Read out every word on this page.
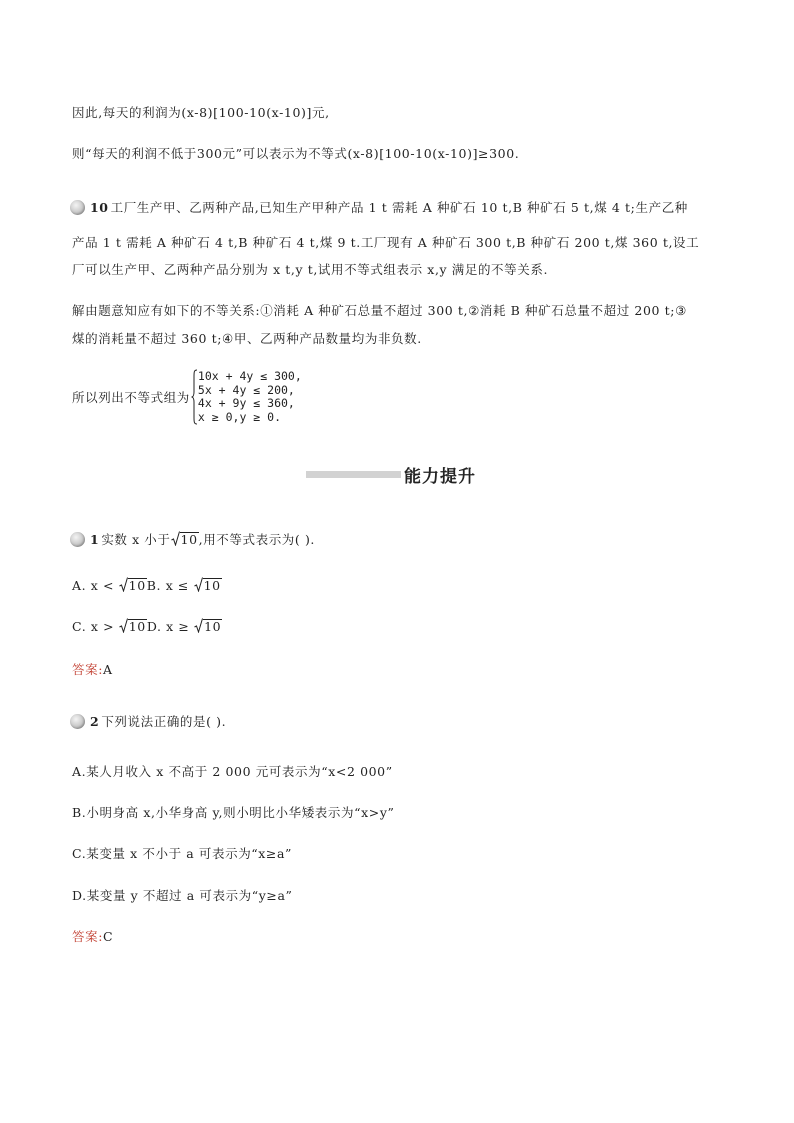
因此,每天的利润为(x-8)[100-10(x-10)]元,
则“每天的利润不低于300元”可以表示为不等式(x-8)[100-10(x-10)]≥300.
10 工厂生产甲、乙两种产品,已知生产甲种产品 1 t 需耗 A 种矿石 10 t,B 种矿石 5 t,煤 4 t;生产乙种
产品 1 t 需耗 A 种矿石 4 t,B 种矿石 4 t,煤 9 t.工厂现有 A 种矿石 300 t,B 种矿石 200 t,煤 360 t,设工
厂可以生产甲、乙两种产品分别为 x t,y t,试用不等式组表示 x,y 满足的不等关系.
解由题意知应有如下的不等关系:①消耗 A 种矿石总量不超过 300 t,②消耗 B 种矿石总量不超过 200 t;③
煤的消耗量不超过 360 t;④甲、乙两种产品数量均为非负数.
所以列出不等式组为
10x + 4y ≤ 300,
5x + 4y ≤ 200,
4x + 9y ≤ 360,
x ≥ 0,y ≥ 0.
能力提升
1 实数 x 小于 10 ,用不等式表示为( ).
A. x < 10 B. x ≤ 10
C. x > 10 D. x ≥ 10
答案:A
2 下列说法正确的是( ).
A.某人月收入 x 不高于 2 000 元可表示为“x<2 000”
B.小明身高 x,小华身高 y,则小明比小华矮表示为“x>y”
C.某变量 x 不小于 a 可表示为“x≥a”
D.某变量 y 不超过 a 可表示为“y≥a”
答案:C
